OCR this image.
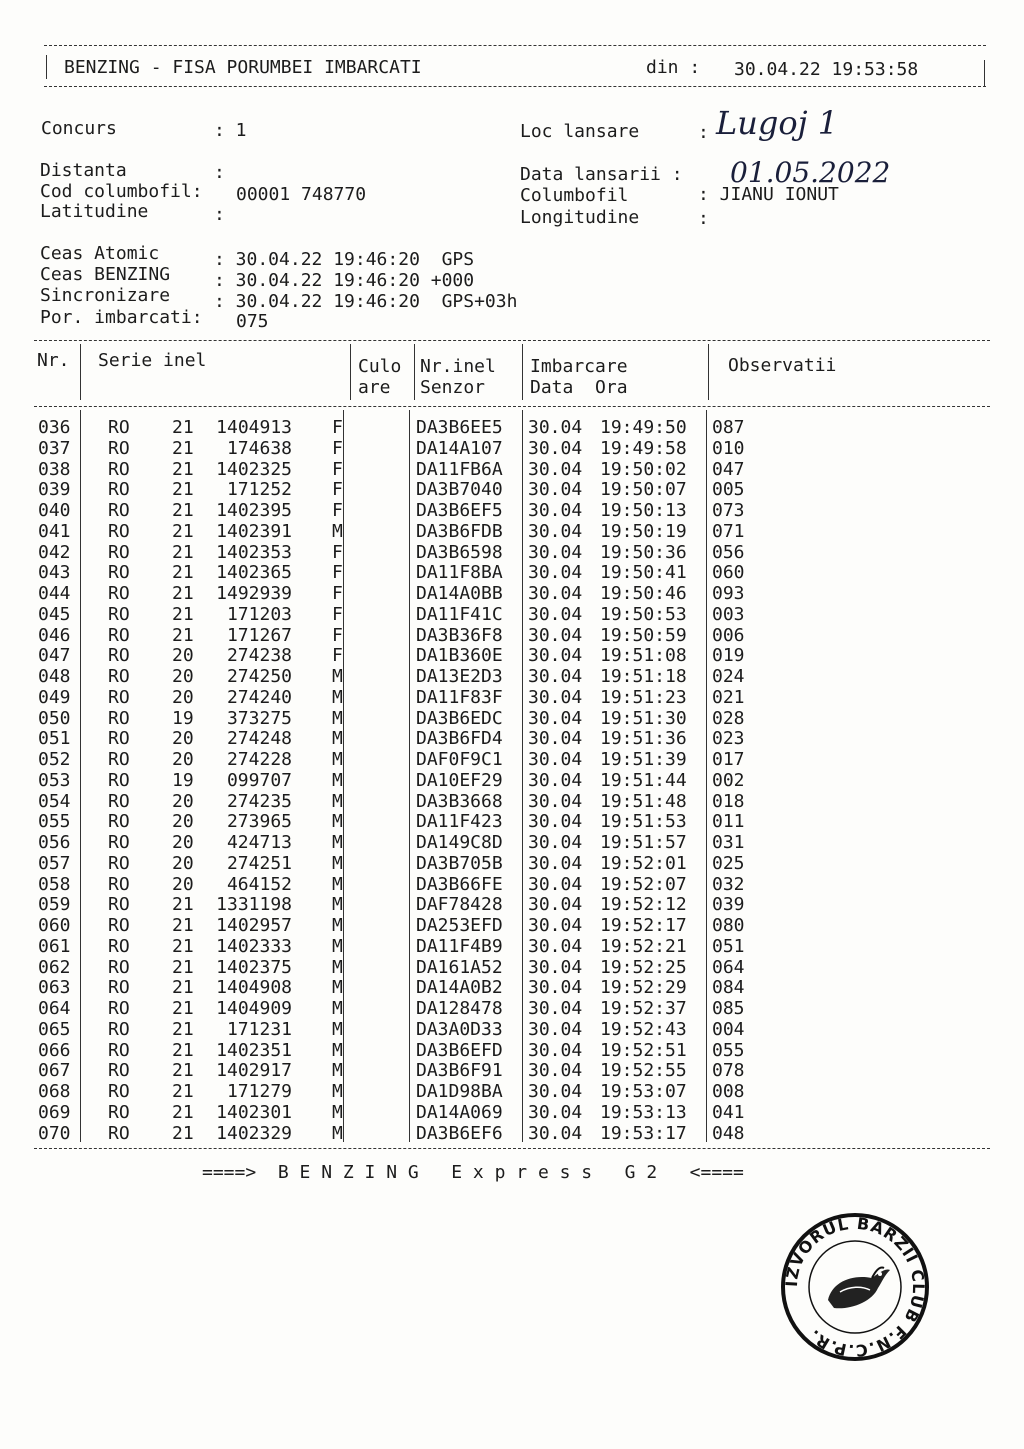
BENZING - FISA PORUMBEI IMBARCATI	din : 30.04.22 19:53:58
Concurs	: 1	Loc lansare	: Lugoj 1
Distanta	:	Data lansarii : 01.05.2022
Cod columbofil: 00001 748770	Columbofil	: JIANU IONUT
Latitudine	:	Longitudine	:
Ceas Atomic	: 30.04.22 19:46:20  GPS
Ceas BENZING : 30.04.22 19:46:20 +000
Sincronizare : 30.04.22 19:46:20  GPS+03h
Por. imbarcati: 075
Nr. Serie inel	Culo
are
Nr.inel
Senzor
Imbarcare
Data  Ora
Observatii
036 RO 21	1404913 F	DA3B6EE5 30.04 19:49:50 087
037 RO 21	174638 F	DA14A107 30.04 19:49:58 010
038 RO 21	1402325 F	DA11FB6A 30.04 19:50:02 047
039 RO 21	171252 F	DA3B7040 30.04 19:50:07 005
040 RO 21	1402395 F	DA3B6EF5 30.04 19:50:13 073
041 RO 21	1402391 M	DA3B6FDB 30.04 19:50:19 071
042 RO 21	1402353 F	DA3B6598 30.04 19:50:36 056
043 RO 21	1402365 F	DA11F8BA 30.04 19:50:41 060
044 RO 21	1492939 F	DA14A0BB 30.04 19:50:46 093
045 RO 21	171203 F	DA11F41C 30.04 19:50:53 003
046 RO 21	171267 F	DA3B36F8 30.04 19:50:59 006
047 RO 20	274238 F	DA1B360E 30.04 19:51:08 019
048 RO 20	274250 M	DA13E2D3 30.04 19:51:18 024
049 RO 20	274240 M	DA11F83F 30.04 19:51:23 021
050 RO 19	373275 M	DA3B6EDC 30.04 19:51:30 028
051 RO 20	274248 M	DA3B6FD4 30.04 19:51:36 023
052 RO 20	274228 M	DAF0F9C1 30.04 19:51:39 017
053 RO 19	099707 M	DA10EF29 30.04 19:51:44 002
054 RO 20	274235 M	DA3B3668 30.04 19:51:48 018
055 RO 20	273965 M	DA11F423 30.04 19:51:53 011
056 RO 20	424713 M	DA149C8D 30.04 19:51:57 031
057 RO 20	274251 M	DA3B705B 30.04 19:52:01 025
058 RO 20	464152 M	DA3B66FE 30.04 19:52:07 032
059 RO 21	1331198 M	DAF78428 30.04 19:52:12 039
060 RO 21	1402957 M	DA253EFD 30.04 19:52:17 080
061 RO 21	1402333 M	DA11F4B9 30.04 19:52:21 051
062 RO 21	1402375 M	DA161A52 30.04 19:52:25 064
063 RO 21	1404908 M	DA14A0B2 30.04 19:52:29 084
064 RO 21	1404909 M	DA128478 30.04 19:52:37 085
065 RO 21	171231 M	DA3A0D33 30.04 19:52:43 004
066 RO 21	1402351 M	DA3B6EFD 30.04 19:52:51 055
067 RO 21	1402917 M	DA3B6F91 30.04 19:52:55 078
068 RO 21	171279 M	DA1D98BA 30.04 19:53:07 008
069 RO 21	1402301 M	DA14A069 30.04 19:53:13 041
070 RO 21	1402329 M	DA3B6EF6 30.04 19:53:17 048
====>  B E N Z I N G   E x p r e s s   G 2   <====
IZVORUL BÂRZII CLUB F.N.C.P.R.
